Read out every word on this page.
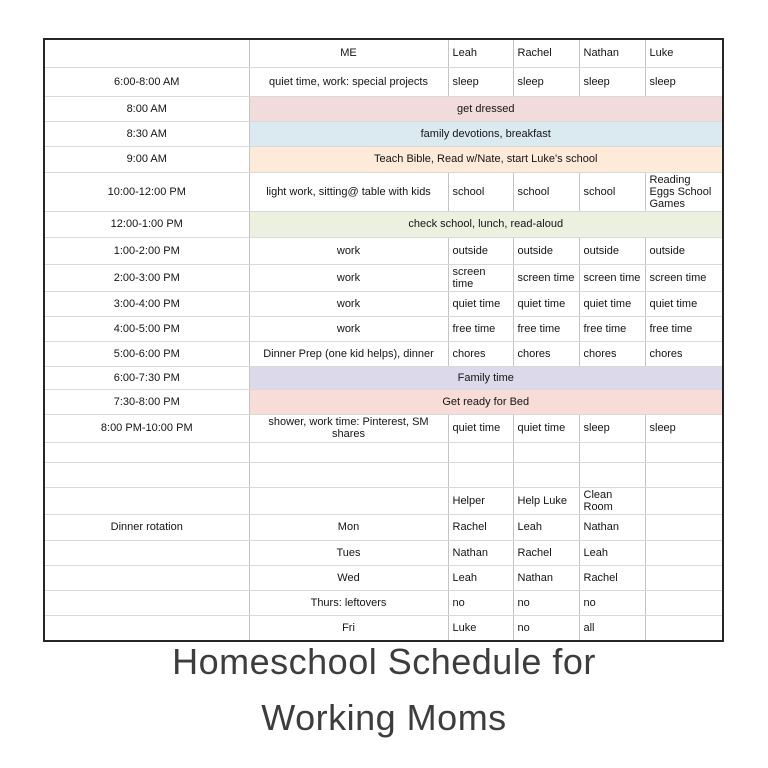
	ME	Leah	Rachel	Nathan	Luke
6:00-8:00 AM	quiet time, work: special projects	sleep	sleep	sleep	sleep
8:00 AM	get dressed				
8:30 AM	family devotions, breakfast				
9:00 AM	Teach Bible, Read w/Nate, start Luke's school				
10:00-12:00 PM	light work, sitting@ table with kids	school	school	school	Reading Eggs School Games
12:00-1:00 PM	check school, lunch, read-aloud				
1:00-2:00 PM	work	outside	outside	outside	outside
2:00-3:00 PM	work	screen time	screen time	screen time	screen time
3:00-4:00 PM	work	quiet time	quiet time	quiet time	quiet time
4:00-5:00 PM	work	free time	free time	free time	free time
5:00-6:00 PM	Dinner Prep (one kid helps), dinner	chores	chores	chores	chores
6:00-7:30 PM	Family time				
7:30-8:00 PM	Get ready for Bed				
8:00 PM-10:00 PM	shower, work time: Pinterest, SM shares	quiet time	quiet time	sleep	sleep

		Helper	Help Luke	Clean Room	
Dinner rotation	Mon	Rachel	Leah	Nathan	
	Tues	Nathan	Rachel	Leah	
	Wed	Leah	Nathan	Rachel	
	Thurs: leftovers	no	no	no	
	Fri	Luke	no	all	
Homeschool Schedule for
Working Moms
